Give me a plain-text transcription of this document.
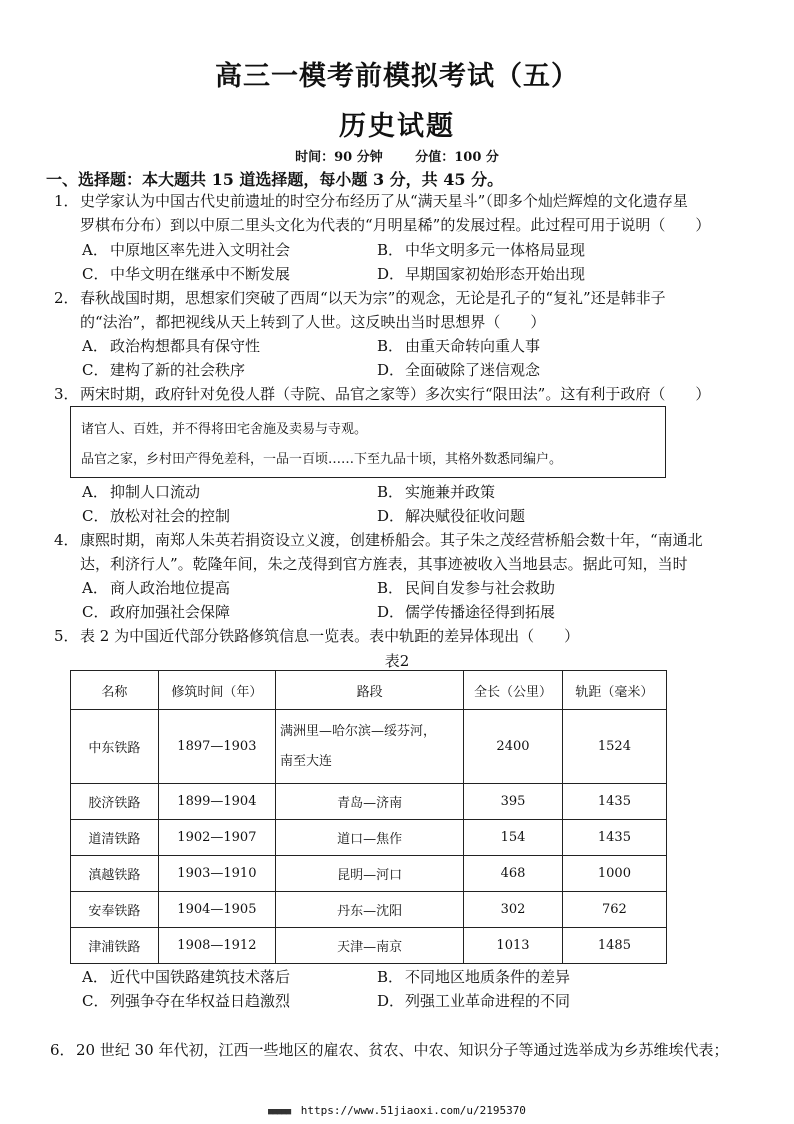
高三一模考前模拟考试（五）
历史试题
时间：90 分钟	分值：100 分
一、选择题：本大题共 15 道选择题，每小题 3 分，共 45 分。
1．史学家认为中国古代史前遗址的时空分布经历了从“满天星斗”（即多个灿烂辉煌的文化遗存星
罗棋布分布）到以中原二里头文化为代表的“月明星稀”的发展过程。此过程可用于说明（　　）
A． 中原地区率先进入文明社会	B． 中华文明多元一体格局显现
C． 中华文明在继承中不断发展	D．早期国家初始形态开始出现
2．春秋战国时期，思想家们突破了西周“以天为宗”的观念，无论是孔子的“复礼”还是韩非子
的“法治”，都把视线从天上转到了人世。这反映出当时思想界（　　）
A． 政治构想都具有保守性	B． 由重天命转向重人事
C． 建构了新的社会秩序	D．全面破除了迷信观念
3．两宋时期，政府针对免役人群（寺院、品官之家等）多次实行“限田法”。这有利于政府（　　）
诸官人、百姓，并不得将田宅舍施及卖易与寺观。
品官之家，乡村田产得免差科，一品一百顷……下至九品十顷，其格外数悉同编户。
A． 抑制人口流动	B． 实施兼并政策
C． 放松对社会的控制	D．解决赋役征收问题
4．康熙时期，南郑人朱英若捐资设立义渡，创建桥船会。其子朱之茂经营桥船会数十年，“南通北
达，利济行人”。乾隆年间，朱之茂得到官方旌表，其事迹被收入当地县志。据此可知，当时
A． 商人政治地位提高	B． 民间自发参与社会救助
C． 政府加强社会保障	D．儒学传播途径得到拓展
5．表 2 为中国近代部分铁路修筑信息一览表。表中轨距的差异体现出（　　）
表2
名称	修筑时间（年）	路段	全长（公里）	轨距（毫米）
中东铁路	1897—1903	满洲里—哈尔滨—绥芬河，
南至大连	2400	1524
胶济铁路	1899—1904	青岛—济南	395	1435
道清铁路	1902—1907	道口—焦作	154	1435
滇越铁路	1903—1910	昆明—河口	468	1000
安奉铁路	1904—1905	丹东—沈阳	302	762
津浦铁路	1908—1912	天津—南京	1013	1485
A． 近代中国铁路建筑技术落后	B． 不同地区地质条件的差异
C． 列强争夺在华权益日趋激烈	D．列强工业革命进程的不同
6．20 世纪 30 年代初，江西一些地区的雇农、贫农、中农、知识分子等通过选举成为乡苏维埃代表；
■■■■■ https://www.51jiaoxi.com/u/2195370
